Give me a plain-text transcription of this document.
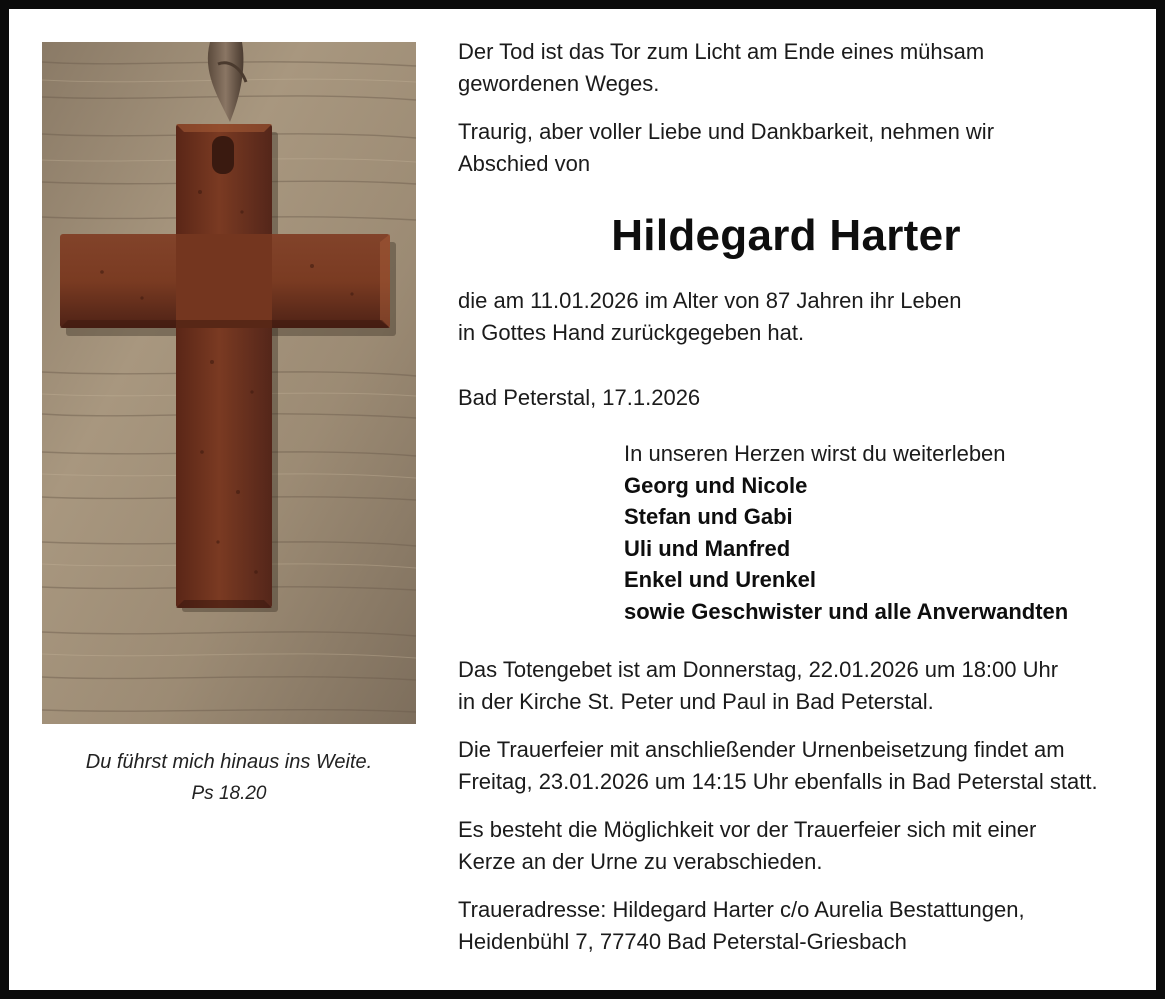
Du führst mich hinaus ins Weite.
Ps 18.20
Der Tod ist das Tor zum Licht am Ende eines mühsam
gewordenen Weges.
Traurig, aber voller Liebe und Dankbarkeit, nehmen wir
Abschied von
Hildegard Harter
die am 11.01.2026 im Alter von 87 Jahren ihr Leben
in Gottes Hand zurückgegeben hat.
Bad Peterstal, 17.1.2026
In unseren Herzen wirst du weiterleben
Georg und Nicole
Stefan und Gabi
Uli und Manfred
Enkel und Urenkel
sowie Geschwister und alle Anverwandten
Das Totengebet ist am Donnerstag, 22.01.2026 um 18:00 Uhr
in der Kirche St. Peter und Paul in Bad Peterstal.
Die Trauerfeier mit anschließender Urnenbeisetzung findet am
Freitag, 23.01.2026 um 14:15 Uhr ebenfalls in Bad Peterstal statt.
Es besteht die Möglichkeit vor der Trauerfeier sich mit einer
Kerze an der Urne zu verabschieden.
Traueradresse: Hildegard Harter c/o Aurelia Bestattungen,
Heidenbühl 7, 77740 Bad Peterstal-Griesbach
